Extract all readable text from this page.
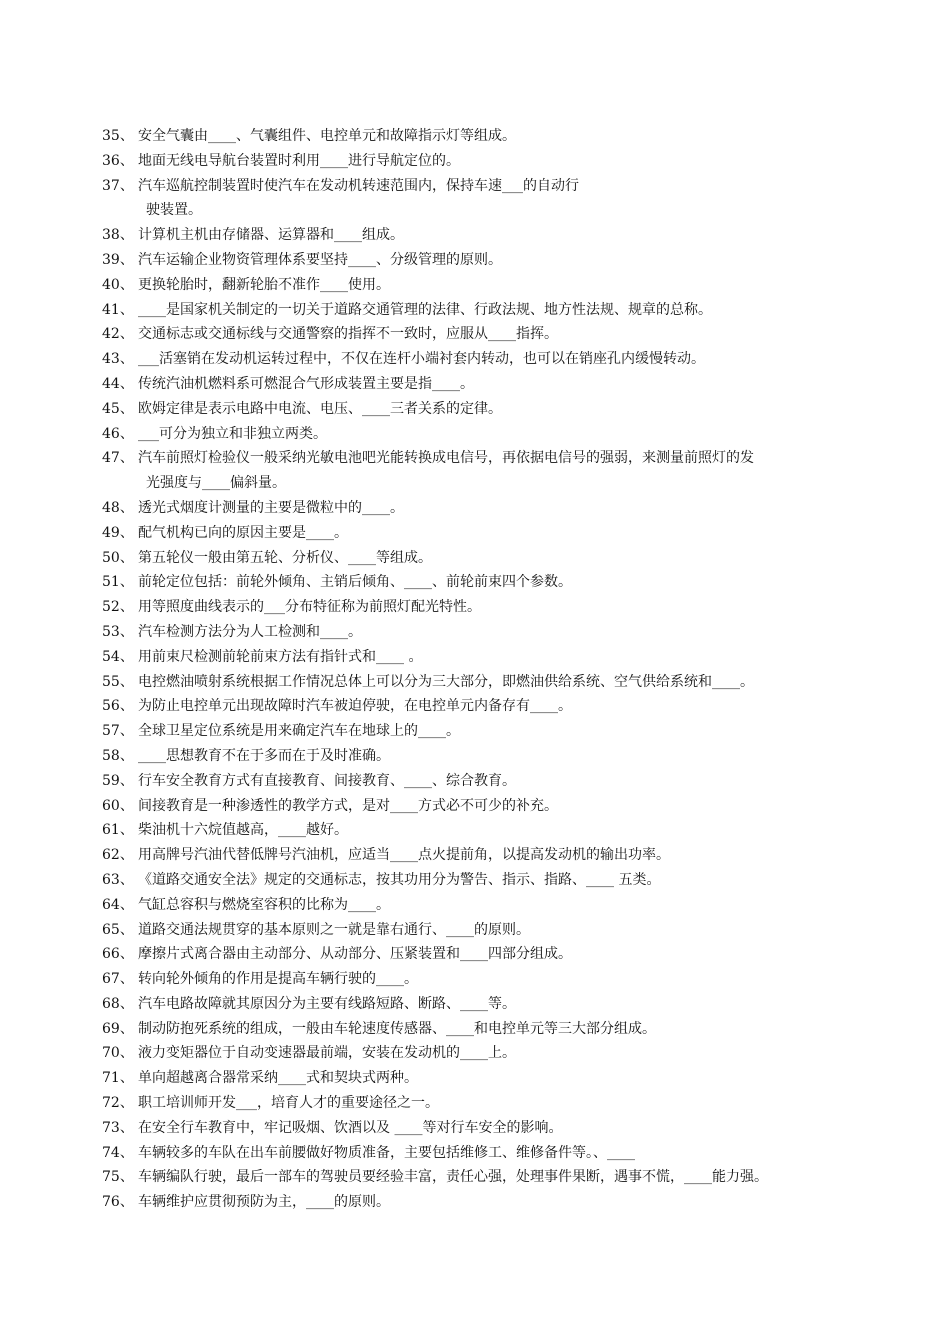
35、 安全气囊由____、气囊组件、电控单元和故障指示灯等组成。
36、 地面无线电导航台装置时利用____进行导航定位的。
37、 汽车巡航控制装置时使汽车在发动机转速范围内，保持车速___的自动行
驶装置。
38、 计算机主机由存储器、运算器和____组成。
39、 汽车运输企业物资管理体系要坚持____、分级管理的原则。
40、 更换轮胎时，翻新轮胎不准作____使用。
41、 ____是国家机关制定的一切关于道路交通管理的法律、行政法规、地方性法规、规章的总称。
42、 交通标志或交通标线与交通警察的指挥不一致时，应服从____指挥。
43、 ___活塞销在发动机运转过程中，不仅在连杆小端衬套内转动，也可以在销座孔内缓慢转动。
44、 传统汽油机燃料系可燃混合气形成装置主要是指____。
45、 欧姆定律是表示电路中电流、电压、____三者关系的定律。
46、 ___可分为独立和非独立两类。
47、 汽车前照灯检验仪一般采纳光敏电池吧光能转换成电信号，再依据电信号的强弱，来测量前照灯的发
光强度与____偏斜量。
48、 透光式烟度计测量的主要是微粒中的____。
49、 配气机构已向的原因主要是____。
50、 第五轮仪一般由第五轮、分析仪、____等组成。
51、 前轮定位包括：前轮外倾角、主销后倾角、____、前轮前束四个参数。
52、 用等照度曲线表示的___分布特征称为前照灯配光特性。
53、 汽车检测方法分为人工检测和____。
54、 用前束尺检测前轮前束方法有指针式和____ 。
55、 电控燃油喷射系统根据工作情况总体上可以分为三大部分，即燃油供给系统、空气供给系统和____。
56、 为防止电控单元出现故障时汽车被迫停驶，在电控单元内备存有____。
57、 全球卫星定位系统是用来确定汽车在地球上的____。
58、 ____思想教育不在于多而在于及时准确。
59、 行车安全教育方式有直接教育、间接教育、____、综合教育。
60、 间接教育是一种渗透性的教学方式，是对____方式必不可少的补充。
61、 柴油机十六烷值越高，____越好。
62、 用高牌号汽油代替低牌号汽油机，应适当____点火提前角，以提高发动机的输出功率。
63、 《道路交通安全法》规定的交通标志，按其功用分为警告、指示、指路、____ 五类。
64、 气缸总容积与燃烧室容积的比称为____。
65、 道路交通法规贯穿的基本原则之一就是靠右通行、____的原则。
66、 摩擦片式离合器由主动部分、从动部分、压紧装置和____四部分组成。
67、 转向轮外倾角的作用是提高车辆行驶的____。
68、 汽车电路故障就其原因分为主要有线路短路、断路、____等。
69、 制动防抱死系统的组成，一般由车轮速度传感器、____和电控单元等三大部分组成。
70、 液力变矩器位于自动变速器最前端，安装在发动机的____上。
71、 单向超越离合器常采纳____式和契块式两种。
72、 职工培训师开发___，培育人才的重要途径之一。
73、 在安全行车教育中，牢记吸烟、饮酒以及 ____等对行车安全的影响。
74、 车辆较多的车队在出车前腰做好物质准备，主要包括维修工、维修备件等。、____
75、 车辆编队行驶，最后一部车的驾驶员要经验丰富，责任心强，处理事件果断，遇事不慌，____能力强。
76、 车辆维护应贯彻预防为主，____的原则。
